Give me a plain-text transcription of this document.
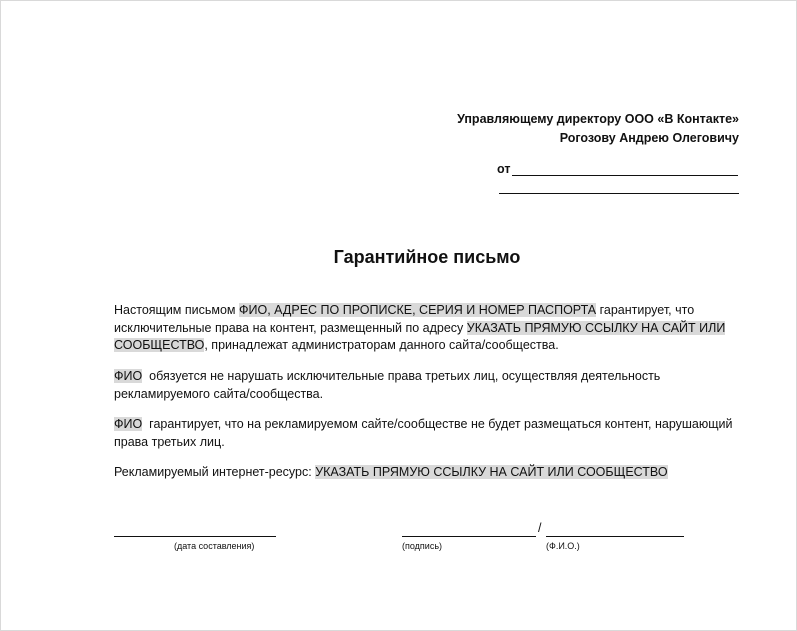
Управляющему директору ООО «В Контакте»
Рогозову Андрею Олеговичу
от
Гарантийное письмо
Настоящим письмом ФИО, АДРЕС ПО ПРОПИСКЕ, СЕРИЯ И НОМЕР ПАСПОРТА гарантирует, что исключительные права на контент, размещенный по адресу УКАЗАТЬ ПРЯМУЮ ССЫЛКУ НА САЙТ ИЛИ СООБЩЕСТВО, принадлежат администраторам данного сайта/сообщества.
ФИО  обязуется не нарушать исключительные права третьих лиц, осуществляя деятельность рекламируемого сайта/сообщества.
ФИО  гарантирует, что на рекламируемом сайте/сообществе не будет размещаться контент, нарушающий права третьих лиц.
Рекламируемый интернет-ресурс: УКАЗАТЬ ПРЯМУЮ ССЫЛКУ НА САЙТ ИЛИ СООБЩЕСТВО
(дата составления)
/
(подпись)	(Ф.И.О.)
